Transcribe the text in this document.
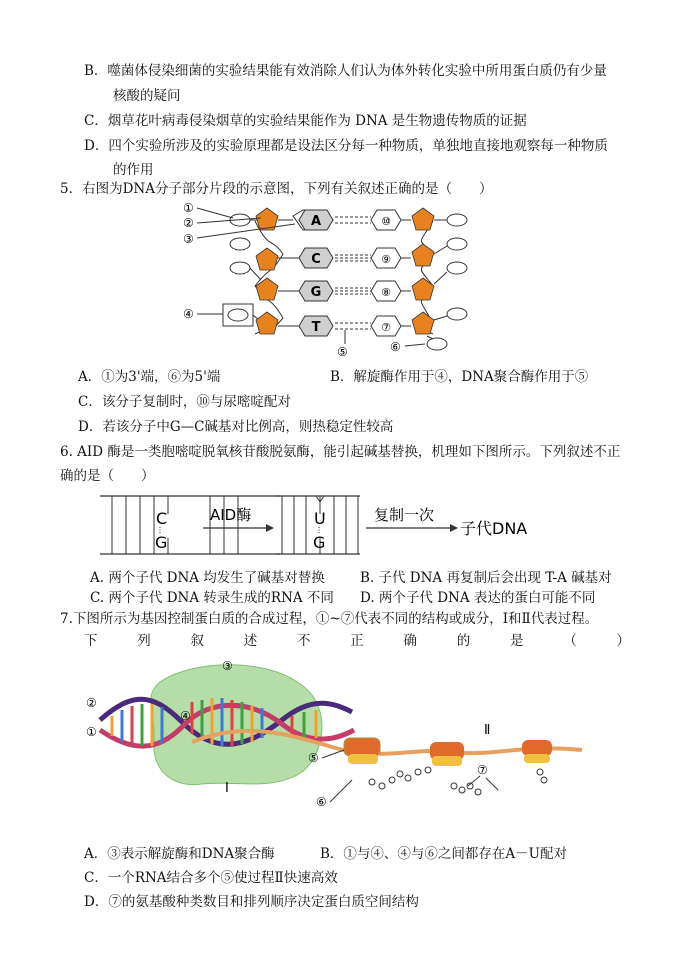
B．噬菌体侵染细菌的实验结果能有效消除人们认为体外转化实验中所用蛋白质仍有少量
核酸的疑问
C．烟草花叶病毒侵染烟草的实验结果能作为 DNA 是生物遗传物质的证据
D．四个实验所涉及的实验原理都是设法区分每一种物质，单独地直接地观察每一种物质
的作用
5．右图为DNA分子部分片段的示意图，下列有关叙述正确的是（　　）
A	⑩
C	⑨
G	⑧
T	⑦
①
②
③
④
⑤	⑥
A．①为3'端，⑥为5'端	B．解旋酶作用于④，DNA聚合酶作用于⑤
C．该分子复制时，⑩与尿嘧啶配对
D．若该分子中G—C碱基对比例高，则热稳定性较高
6. AID 酶是一类胞嘧啶脱氧核苷酸脱氨酶，能引起碱基替换，机理如下图所示。下列叙述不正
确的是（　　）
C
G
AID酶	U
G
复制一次
子代DNA
A. 两个子代 DNA 均发生了碱基对替换	B. 子代 DNA 再复制后会出现 T-A 碱基对
C. 两个子代 DNA 转录生成的RNA 不同 D. 两个子代 DNA 表达的蛋白可能不同
7.下图所示为基因控制蛋白质的合成过程，①~⑦代表不同的结构或成分，Ⅰ和Ⅱ代表过程。
下	列	叙	述	不	正	确	的	是	（	）
②
①
③
④
⑤
⑥
⑦
Ⅰ
Ⅱ
A．③表示解旋酶和DNA聚合酶	B．①与④、④与⑥之间都存在A－U配对
C．一个RNA结合多个⑤使过程Ⅱ快速高效
D．⑦的氨基酸种类数目和排列顺序决定蛋白质空间结构
